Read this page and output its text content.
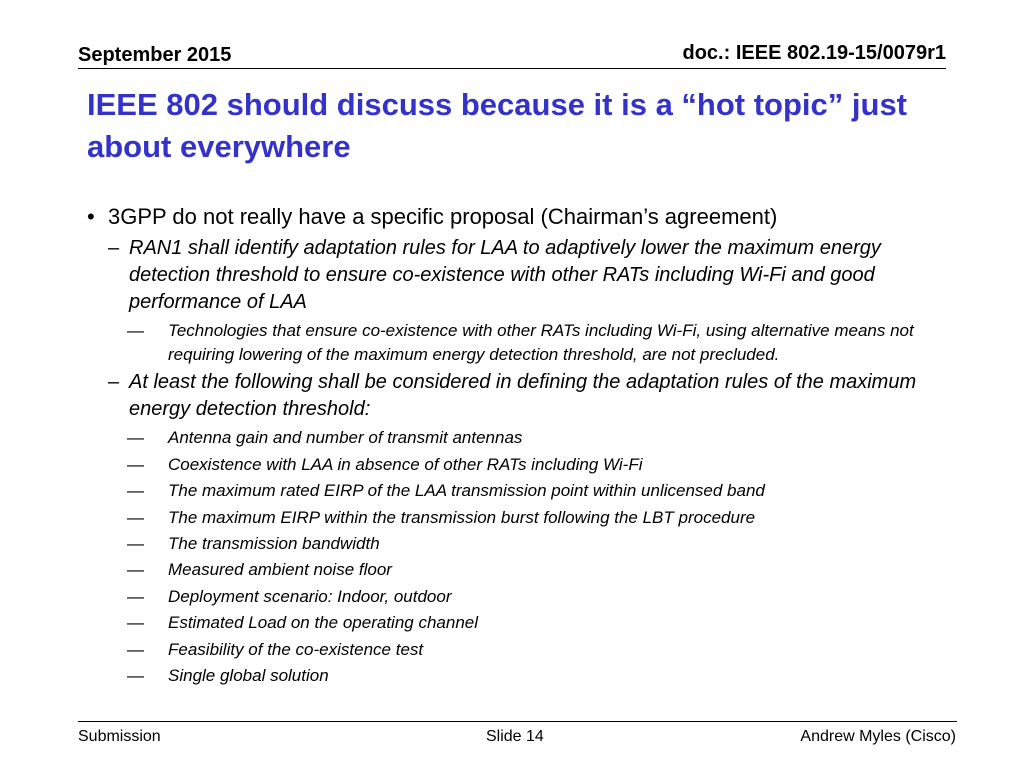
September 2015	doc.: IEEE 802.19-15/0079r1
IEEE 802 should discuss because it is a “hot topic” just about everywhere
• 3GPP do not really have a specific proposal (Chairman’s agreement)
– RAN1 shall identify adaptation rules for LAA to adaptively lower the maximum energy detection threshold to ensure co-existence with other RATs including Wi-Fi and good performance of LAA
— Technologies that ensure co-existence with other RATs including Wi-Fi, using alternative means not requiring lowering of the maximum energy detection threshold, are not precluded.
– At least the following shall be considered in defining the adaptation rules of the maximum energy detection threshold:
— Antenna gain and number of transmit antennas
— Coexistence with LAA in absence of other RATs including Wi-Fi
— The maximum rated EIRP of the LAA transmission point within unlicensed band
— The maximum EIRP within the transmission burst following the LBT procedure
— The transmission bandwidth
— Measured ambient noise floor
— Deployment scenario: Indoor, outdoor
— Estimated Load on the operating channel
— Feasibility of the co-existence test
— Single global solution
Submission	Slide 14	Andrew Myles (Cisco)
